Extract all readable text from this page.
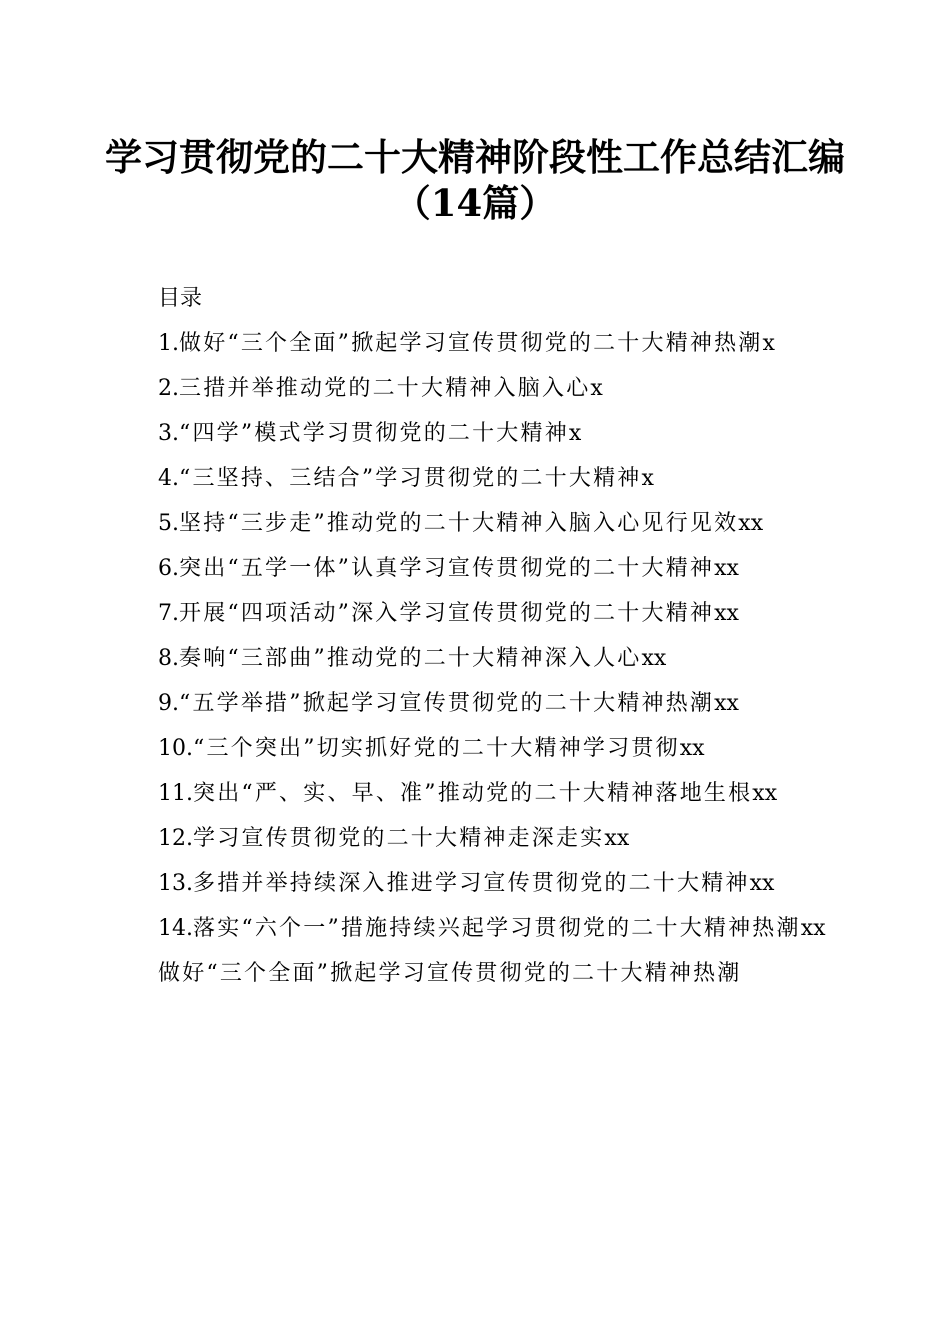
学习贯彻党的二十大精神阶段性工作总结汇编
（14篇）
目录
1.做好“三个全面”掀起学习宣传贯彻党的二十大精神热潮x
2.三措并举推动党的二十大精神入脑入心x
3.“四学”模式学习贯彻党的二十大精神x
4.“三坚持、三结合”学习贯彻党的二十大精神x
5.坚持“三步走”推动党的二十大精神入脑入心见行见效xx
6.突出“五学一体”认真学习宣传贯彻党的二十大精神xx
7.开展“四项活动”深入学习宣传贯彻党的二十大精神xx
8.奏响“三部曲”推动党的二十大精神深入人心xx
9.“五学举措”掀起学习宣传贯彻党的二十大精神热潮xx
10.“三个突出”切实抓好党的二十大精神学习贯彻xx
11.突出“严、实、早、准”推动党的二十大精神落地生根xx
12.学习宣传贯彻党的二十大精神走深走实xx
13.多措并举持续深入推进学习宣传贯彻党的二十大精神xx
14.落实“六个一”措施持续兴起学习贯彻党的二十大精神热潮xx
做好“三个全面”掀起学习宣传贯彻党的二十大精神热潮
